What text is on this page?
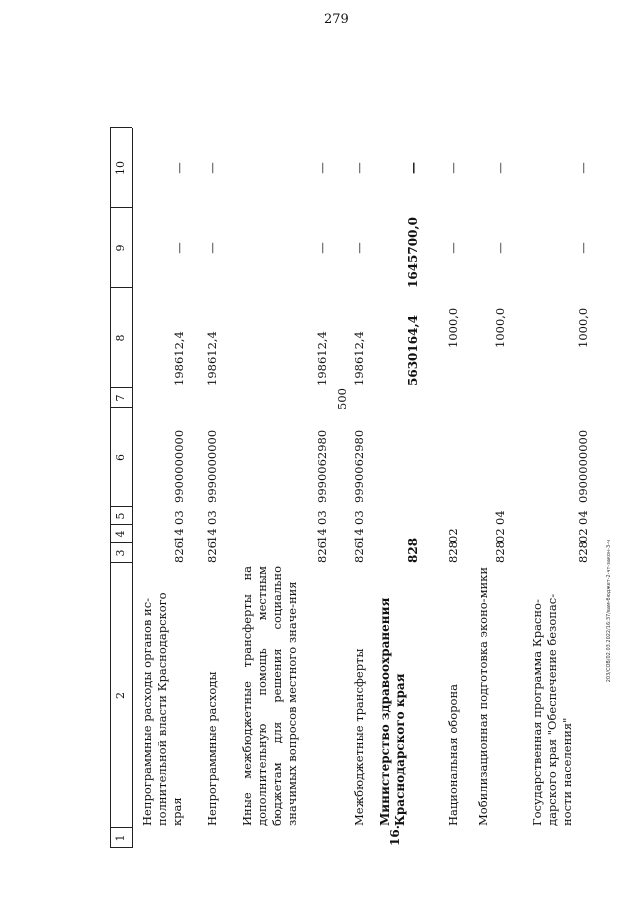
279
203/СОВ/02.03.2022/16:37/вам-бюджет-2-чт-закон-3-ч
1
2
3
4
5
6
7
8
9
10
Непрограммные расходы органов ис-полнительной власти Краснодарского края
826
14
03
9900000000
198612,4
—
—
Непрограммные расходы
826
14
03
9990000000
198612,4
—
—
Иные межбюджетные трансферты на дополнительную помощь местным бюджетам для решения социально значимых вопросов местного значе-ния
826
14
03
9990062980
198612,4
—
—
Межбюджетные трансферты
826
14
03
9990062980
500
198612,4
—
—
16.
Министерство здравоохранения Краснодарского края
828
5630164,4
1645700,0
—
Национальная оборона
828
02
1000,0
—
—
Мобилизационная подготовка эконо-мики
828
02
04
1000,0
—
—
Государственная программа Красно-дарского края "Обеспечение безопас-ности населения"
828
02
04
0900000000
1000,0
—
—
